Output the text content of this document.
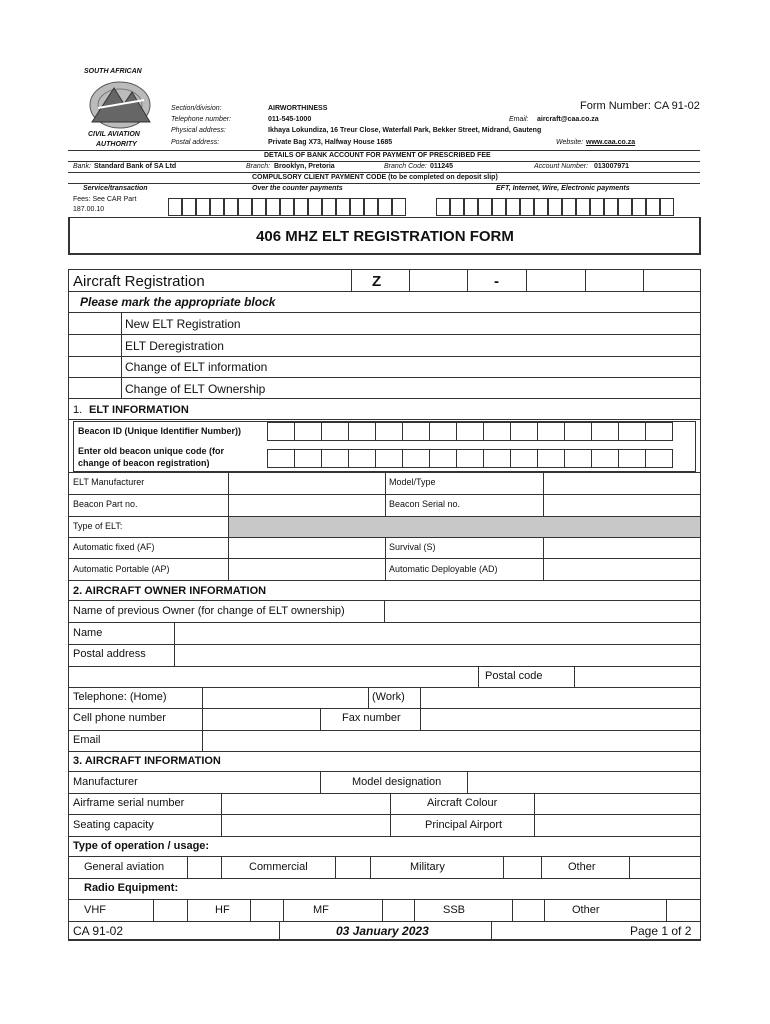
SOUTH AFRICAN
CIVIL AVIATION
AUTHORITY
Form Number: CA 91-02
Section/division:	AIRWORTHINESS
Telephone number:	011-545-1000	Email: aircraft@caa.co.za
Physical address:	Ikhaya Lokundiza, 16 Treur Close, Waterfall Park, Bekker Street, Midrand, Gauteng
Postal address:	Private Bag X73, Halfway House 1685	Website: www.caa.co.za
DETAILS OF BANK ACCOUNT FOR PAYMENT OF PRESCRIBED FEE
Bank: Standard Bank of SA Ltd	Branch: Brooklyn, Pretoria	Branch Code: 011245	Account Number: 013007971
COMPULSORY CLIENT PAYMENT CODE (to be completed on deposit slip)
Service/transaction	Over the counter payments	EFT, Internet, Wire, Electronic payments
Fees: See CAR Part
187.00.10
406 MHZ ELT REGISTRATION FORM
Aircraft Registration	Z	-
Please mark the appropriate block
New ELT Registration
ELT Deregistration
Change of ELT information
Change of ELT Ownership
1. ELT INFORMATION
Beacon ID (Unique Identifier Number))
Enter old beacon unique code (for
change of beacon registration)
ELT Manufacturer	Model/Type
Beacon Part no.	Beacon Serial no.
Type of ELT:
Automatic fixed (AF)	Survival (S)
Automatic Portable (AP)	Automatic Deployable (AD)
2. AIRCRAFT OWNER INFORMATION
Name of previous Owner (for change of ELT ownership)
Name
Postal address
Postal code
Telephone: (Home)	(Work)
Cell phone number	Fax number
Email
3. AIRCRAFT INFORMATION
Manufacturer	Model designation
Airframe serial number	Aircraft Colour
Seating capacity	Principal Airport
Type of operation / usage:
General aviation	Commercial	Military	Other
Radio Equipment:
VHF	HF	MF	SSB	Other
CA 91-02	03 January 2023	Page 1 of 2
